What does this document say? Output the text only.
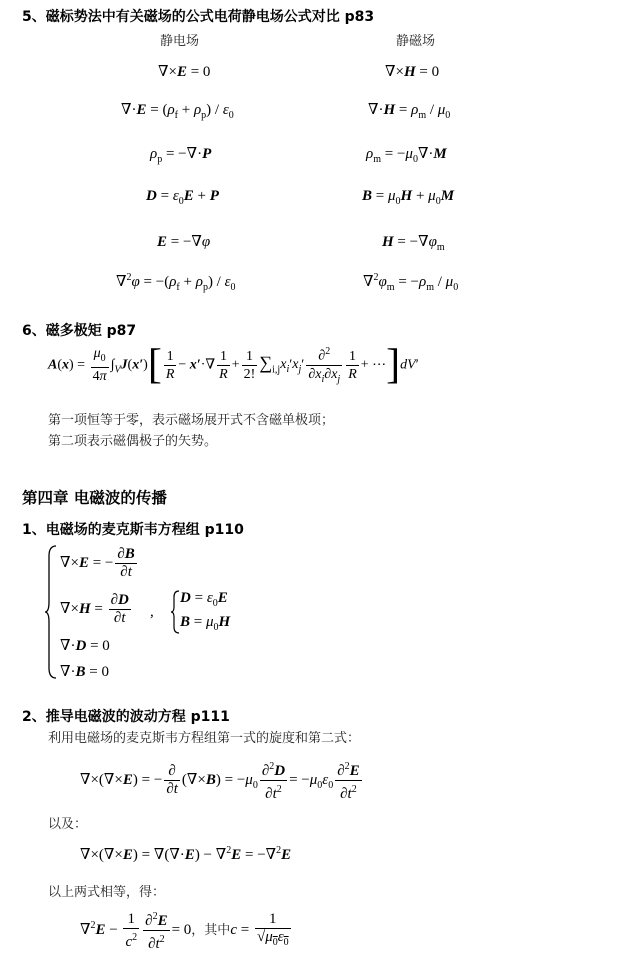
5、磁标势法中有关磁场的公式电荷静电场公式对比 p83
静电场	静磁场
∇×E = 0
$\nabla\cdot E = (\rho_f + \rho_p) / \varepsilon_0$
$\rho_p = -\nabla\cdot P$
$D = \varepsilon_0E + P$
E = −∇φ
$\nabla^2\varphi = -(\rho_f + \rho_p) / \varepsilon_0$
∇×H = 0
$\nabla\cdot H = \rho_m / \mu_0$
$\rho_m = -\mu_0\nabla\cdot M$
$B = \mu_0H + \mu_0M$
$H = -\nabla\varphi_m$
$\nabla^2\varphi_m = -\rho_m / \mu_0$
6、磁多极矩 p87
$A(x) = \frac{\mu_0}{4\pi} \int_VJ(x')[ \frac{1}{R} - x'\cdot\nabla \frac{1}{R} + \frac{1}{2!} \sum_{i,j}x_i'x_j' \frac{\partial^2}{\partial x_i\partial x_j} \frac{1}{R}$ + ⋯]dV′
第一项恒等于零，表示磁场展开式不含磁单极项；
第二项表示磁偶极子的矢势。
第四章 电磁波的传播
1、电磁场的麦克斯韦方程组 p110
∇×E = − $\frac{\partial B}{\partial t}$
$\nabla\times H = \frac{\partial D}{\partial t}$ ,
∇·D = 0
∇·B = 0
$D = \varepsilon_0E$
$B = \mu_0H$
2、推导电磁波的波动方程 p111
利用电磁场的麦克斯韦方程组第一式的旋度和第二式：
∇×(∇×E) = − $\frac{\partial}{\partial t} (\nabla\times B) = -\mu_0 \frac{\partial^2D}{\partial t^2} = -\mu_0\varepsilon_0 \frac{\partial^2E}{\partial t^2}$
以及：
∇×(∇×E) = ∇(∇·E) − ∇$^2$E = −∇$^2$E
以上两式相等，得：
$\nabla^2E - \frac{1}{c^2} \frac{\partial^2E}{\partial t^2} = 0$，其中$c = \frac{1}{√\mu_0\varepsilon_0}$
